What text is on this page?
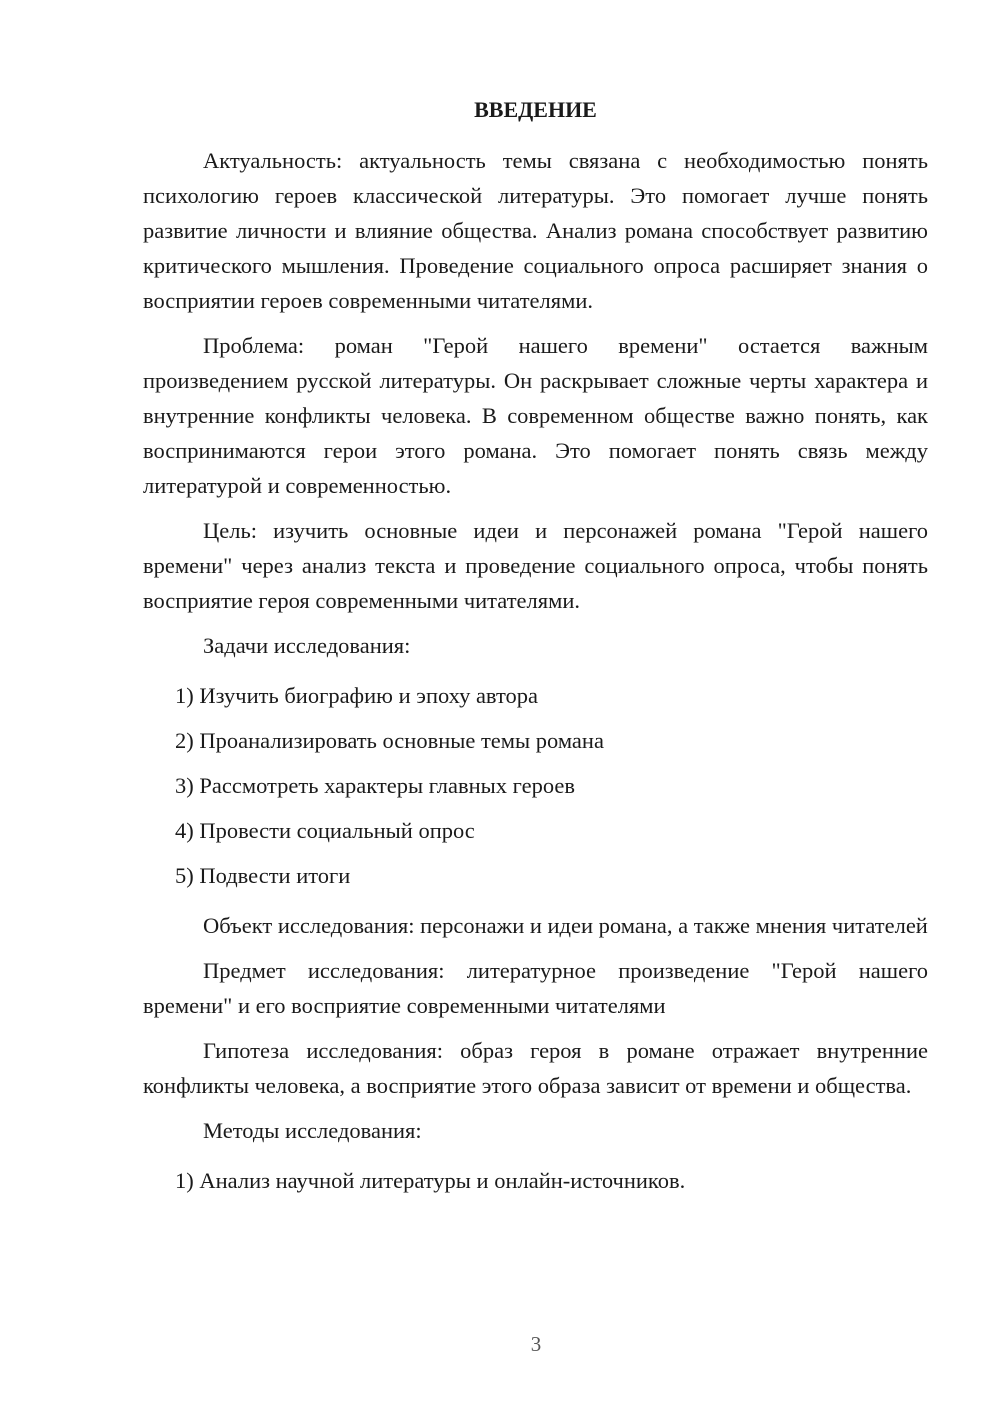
ВВЕДЕНИЕ

Актуальность: актуальность темы связана с необходимостью понять психологию героев классической литературы. Это помогает лучше понять развитие личности и влияние общества. Анализ романа способствует развитию критического мышления. Проведение социального опроса расширяет знания о восприятии героев современными читателями.

Проблема: роман "Герой нашего времени" остается важным произведением русской литературы. Он раскрывает сложные черты характера и внутренние конфликты человека. В современном обществе важно понять, как воспринимаются герои этого романа. Это помогает понять связь между литературой и современностью.

Цель: изучить основные идеи и персонажей романа "Герой нашего времени" через анализ текста и проведение социального опроса, чтобы понять восприятие героя современными читателями.

Задачи исследования:

1) Изучить биографию и эпоху автора
2) Проанализировать основные темы романа
3) Рассмотреть характеры главных героев
4) Провести социальный опрос
5) Подвести итоги

Объект исследования: персонажи и идеи романа, а также мнения читателей

Предмет исследования: литературное произведение "Герой нашего времени" и его восприятие современными читателями

Гипотеза исследования: образ героя в романе отражает внутренние конфликты человека, а восприятие этого образа зависит от времени и общества.

Методы исследования:

1) Анализ научной литературы и онлайн-источников.
3
